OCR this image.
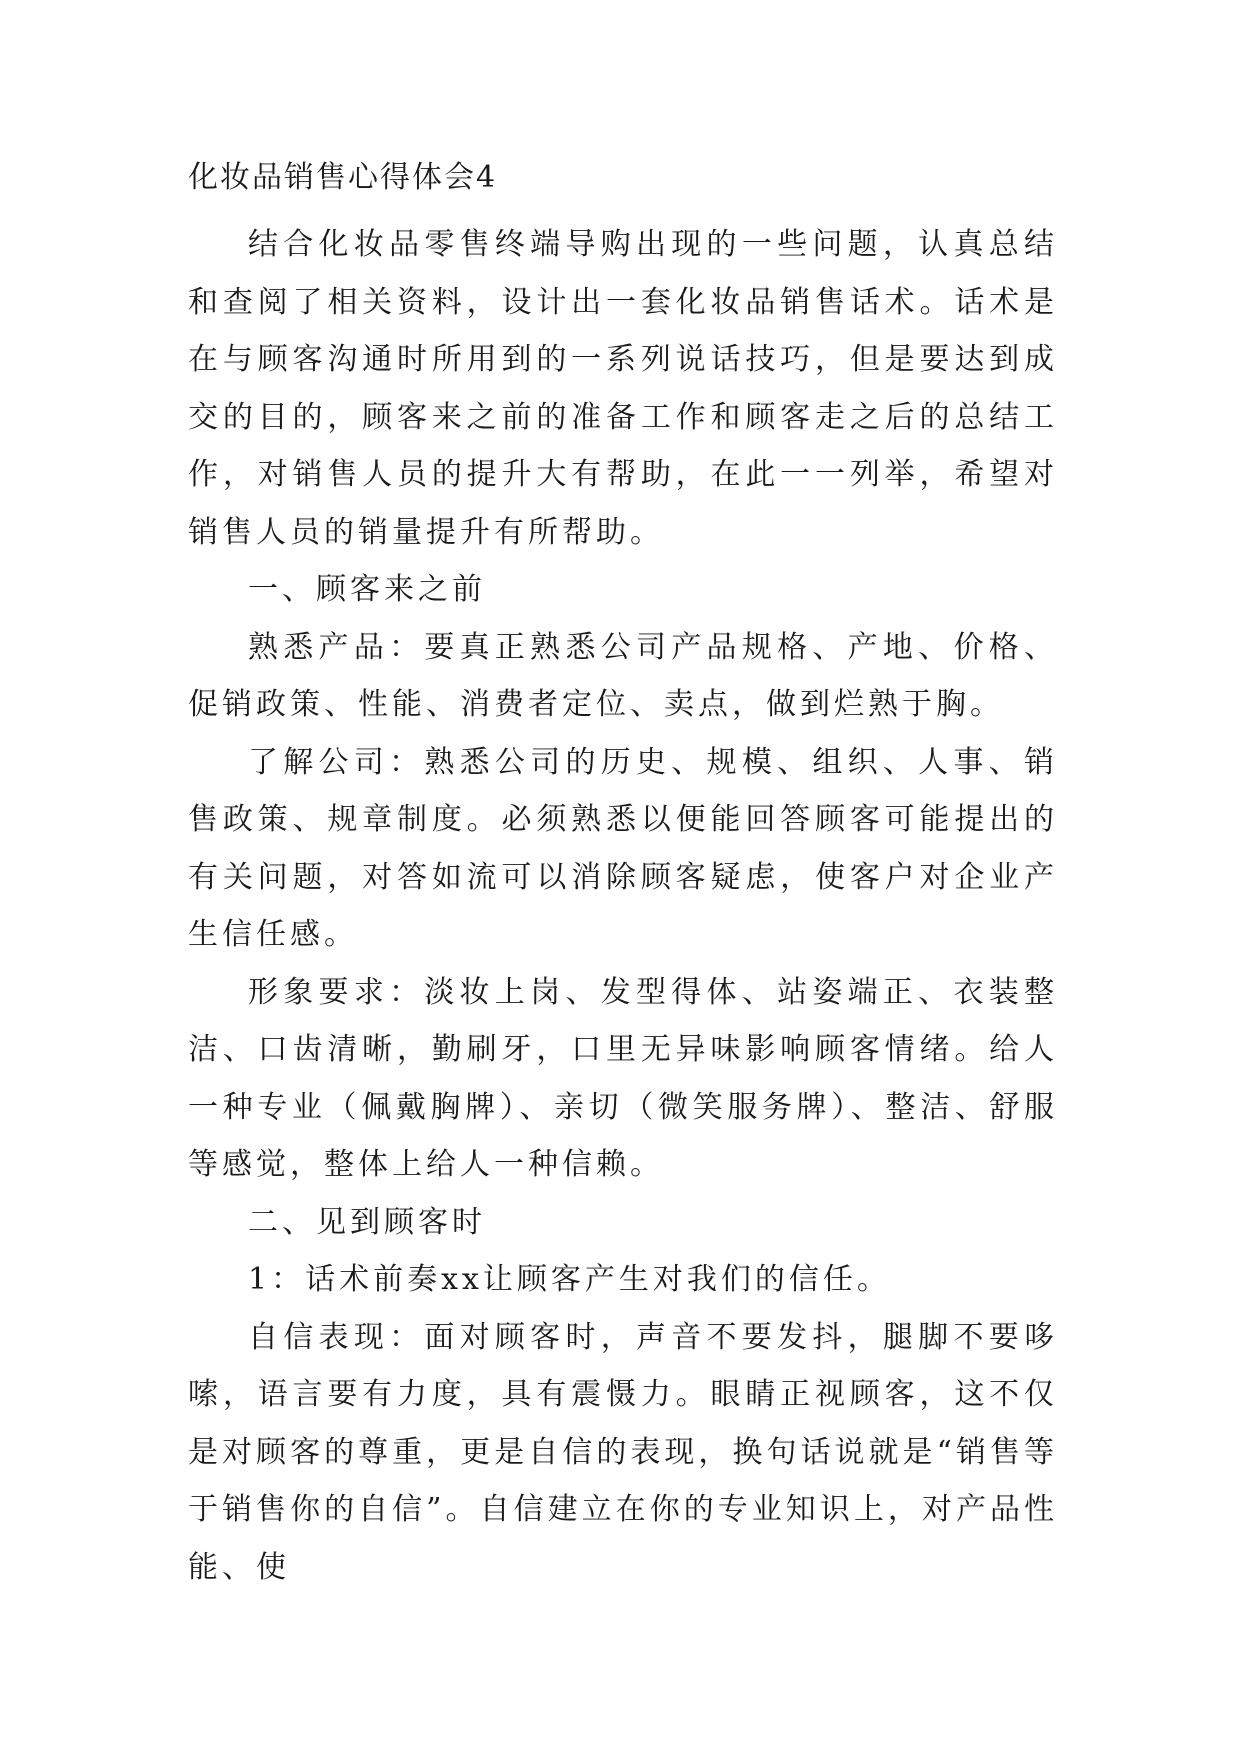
化妆品销售心得体会4

结合化妆品零售终端导购出现的一些问题，认真总结和查阅了相关资料，设计出一套化妆品销售话术。话术是在与顾客沟通时所用到的一系列说话技巧，但是要达到成交的目的，顾客来之前的准备工作和顾客走之后的总结工作，对销售人员的提升大有帮助，在此一一列举，希望对销售人员的销量提升有所帮助。

一、顾客来之前

熟悉产品：要真正熟悉公司产品规格、产地、价格、促销政策、性能、消费者定位、卖点，做到烂熟于胸。

了解公司：熟悉公司的历史、规模、组织、人事、销售政策、规章制度。必须熟悉以便能回答顾客可能提出的有关问题，对答如流可以消除顾客疑虑，使客户对企业产生信任感。

形象要求：淡妆上岗、发型得体、站姿端正、衣装整洁、口齿清晰，勤刷牙，口里无异味影响顾客情绪。给人一种专业（佩戴胸牌）、亲切（微笑服务牌）、整洁、舒服等感觉，整体上给人一种信赖。

二、见到顾客时

1：话术前奏xx让顾客产生对我们的信任。

自信表现：面对顾客时，声音不要发抖，腿脚不要哆嗦，语言要有力度，具有震慑力。眼睛正视顾客，这不仅是对顾客的尊重，更是自信的表现，换句话说就是“销售等于销售你的自信”。自信建立在你的专业知识上，对产品性能、使
